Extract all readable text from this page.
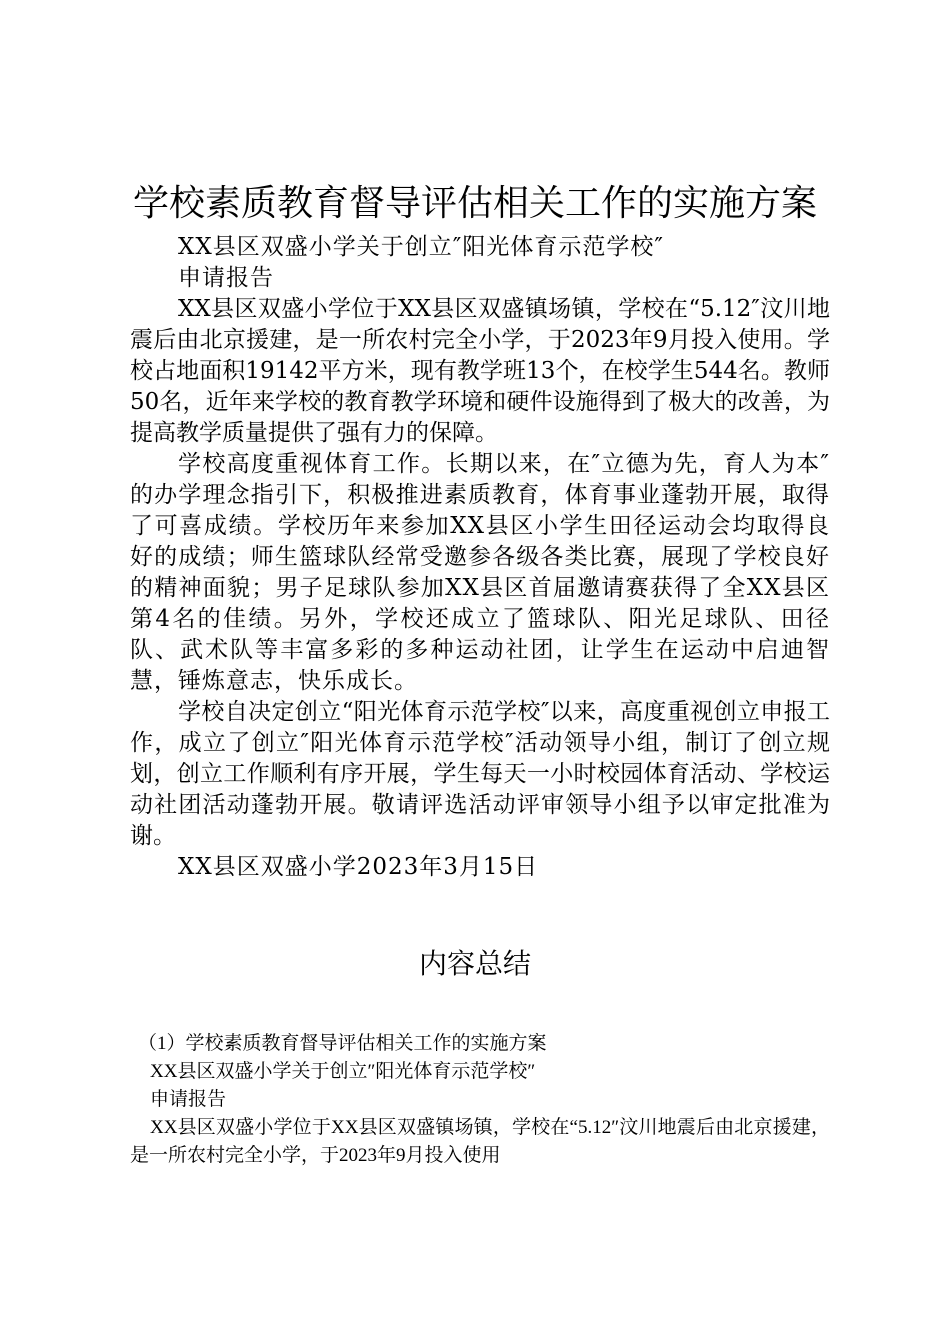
学校素质教育督导评估相关工作的实施方案

XX县区双盛小学关于创立″阳光体育示范学校″

申请报告

XX县区双盛小学位于XX县区双盛镇场镇，学校在“5.12″汶川地震后由北京援建，是一所农村完全小学，于2023年9月投入使用。学校占地面积19142平方米，现有教学班13个，在校学生544名。教师50名，近年来学校的教育教学环境和硬件设施得到了极大的改善，为提高教学质量提供了强有力的保障。

学校高度重视体育工作。长期以来，在″立德为先，育人为本″的办学理念指引下，积极推进素质教育，体育事业蓬勃开展，取得了可喜成绩。学校历年来参加XX县区小学生田径运动会均取得良好的成绩；师生篮球队经常受邀参各级各类比赛，展现了学校良好的精神面貌；男子足球队参加XX县区首届邀请赛获得了全XX县区第4名的佳绩。另外，学校还成立了篮球队、阳光足球队、田径队、武术队等丰富多彩的多种运动社团，让学生在运动中启迪智慧，锤炼意志，快乐成长。

学校自决定创立“阳光体育示范学校″以来，高度重视创立申报工作，成立了创立″阳光体育示范学校″活动领导小组，制订了创立规划，创立工作顺利有序开展，学生每天一小时校园体育活动、学校运动社团活动蓬勃开展。敬请评选活动评审领导小组予以审定批准为谢。

XX县区双盛小学2023年3月15日

内容总结

（1）学校素质教育督导评估相关工作的实施方案

XX县区双盛小学关于创立″阳光体育示范学校″

申请报告

XX县区双盛小学位于XX县区双盛镇场镇，学校在“5.12″汶川地震后由北京援建，是一所农村完全小学，于2023年9月投入使用
